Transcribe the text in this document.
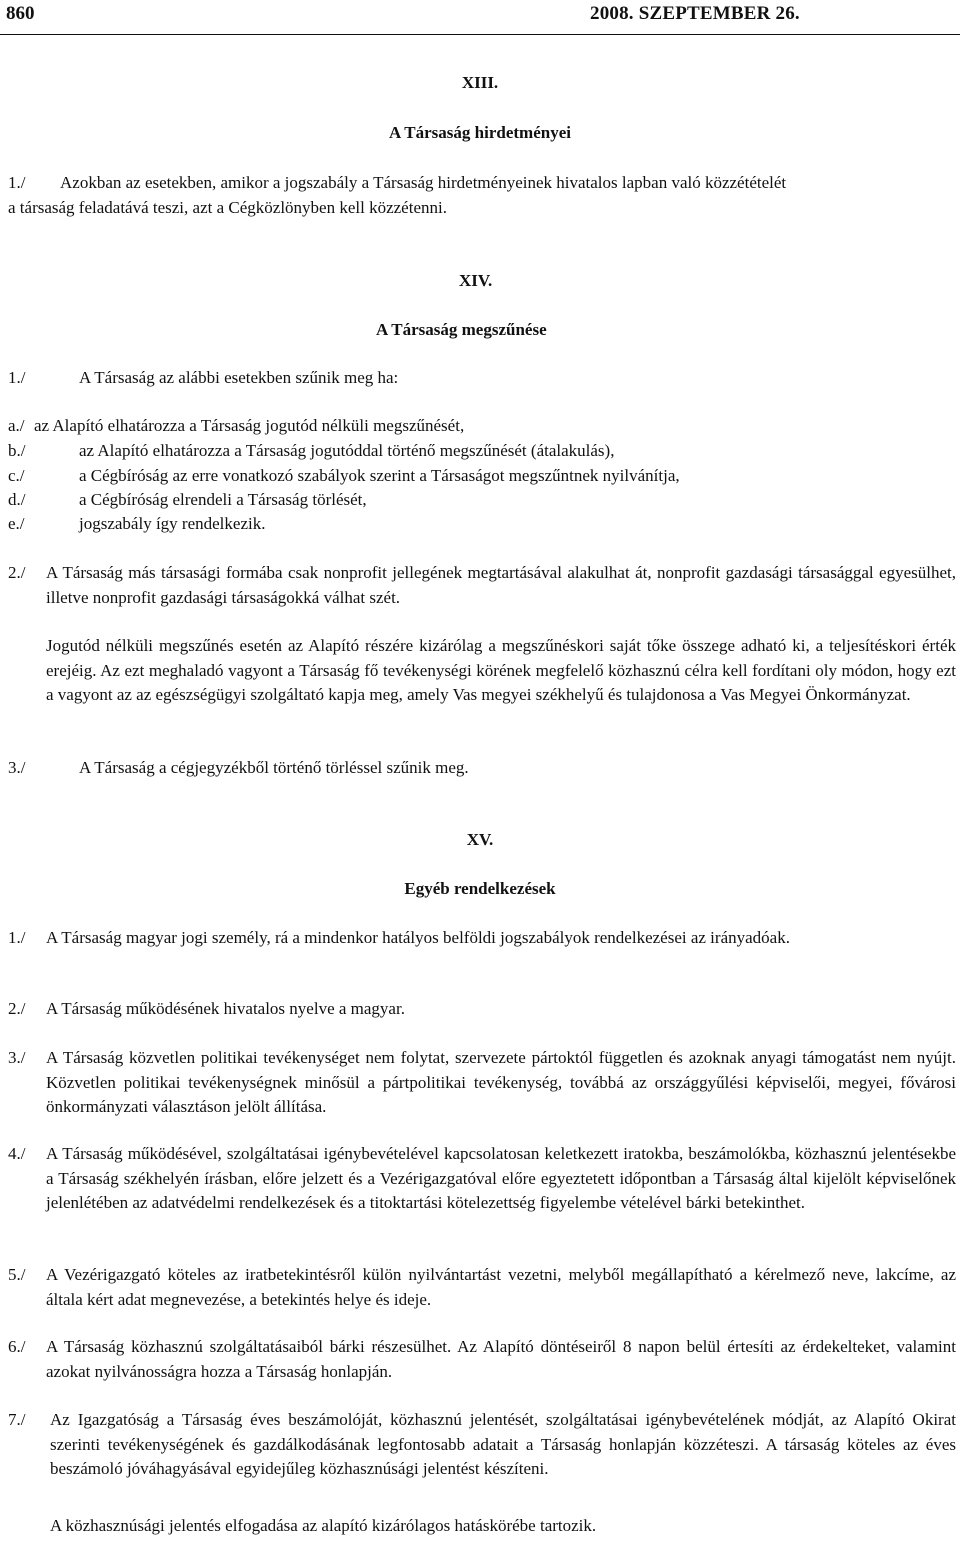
860	2008. SZEPTEMBER 26.
XIII.
A Társaság hirdetményei
1./ Azokban az esetekben, amikor a jogszabály a Társaság hirdetményeinek hivatalos lapban való közzétételét
a társaság feladatává teszi, azt a Cégközlönyben kell közzétenni.
XIV.
A Társaság megszűnése
1./	A Társaság az alábbi esetekben szűnik meg ha:
a./ az Alapító elhatározza a Társaság jogutód nélküli megszűnését,
b./	az Alapító elhatározza a Társaság jogutóddal történő megszűnését (átalakulás),
c./	a Cégbíróság az erre vonatkozó szabályok szerint a Társaságot megszűntnek nyilvánítja,
d./	a Cégbíróság elrendeli a Társaság törlését,
e./	jogszabály így rendelkezik.
2./ A Társaság más társasági formába csak nonprofit jellegének megtartásával alakulhat át, nonprofit gazdasági társasággal egyesülhet, illetve nonprofit gazdasági társaságokká válhat szét.
Jogutód nélküli megszűnés esetén az Alapító részére kizárólag a megszűnéskori saját tőke összege adható ki, a teljesítéskori érték erejéig. Az ezt meghaladó vagyont a Társaság fő tevékenységi körének megfelelő közhasznú célra kell fordítani oly módon, hogy ezt a vagyont az az egészségügyi szolgáltató kapja meg, amely Vas megyei székhelyű és tulajdonosa a Vas Megyei Önkormányzat.
3./	A Társaság a cégjegyzékből történő törléssel szűnik meg.
XV.
Egyéb rendelkezések
1./ A Társaság magyar jogi személy, rá a mindenkor hatályos belföldi jogszabályok rendelkezései az irányadóak.
2./ A Társaság működésének hivatalos nyelve a magyar.
3./ A Társaság közvetlen politikai tevékenységet nem folytat, szervezete pártoktól független és azoknak anyagi támogatást nem nyújt. Közvetlen politikai tevékenységnek minősül a pártpolitikai tevékenység, továbbá az országgyűlési képviselői, megyei, fővárosi önkormányzati választáson jelölt állítása.
4./ A Társaság működésével, szolgáltatásai igénybevételével kapcsolatosan keletkezett iratokba, beszámolókba, közhasznú jelentésekbe a Társaság székhelyén írásban, előre jelzett és a Vezérigazgatóval előre egyeztetett időpontban a Társaság által kijelölt képviselőnek jelenlétében az adatvédelmi rendelkezések és a titoktartási kötelezettség figyelembe vételével bárki betekinthet.
5./ A Vezérigazgató köteles az iratbetekintésről külön nyilvántartást vezetni, melyből megállapítható a kérelmező neve, lakcíme, az általa kért adat megnevezése, a betekintés helye és ideje.
6./ A Társaság közhasznú szolgáltatásaiból bárki részesülhet. Az Alapító döntéseiről 8 napon belül értesíti az érdekelteket, valamint azokat nyilvánosságra hozza a Társaság honlapján.
7./ Az Igazgatóság a Társaság éves beszámolóját, közhasznú jelentését, szolgáltatásai igénybevételének módját, az Alapító Okirat szerinti tevékenységének és gazdálkodásának legfontosabb adatait a Társaság honlapján közzéteszi. A társaság köteles az éves beszámoló jóváhagyásával egyidejűleg közhasznúsági jelentést készíteni.
A közhasznúsági jelentés elfogadása az alapító kizárólagos hatáskörébe tartozik.
